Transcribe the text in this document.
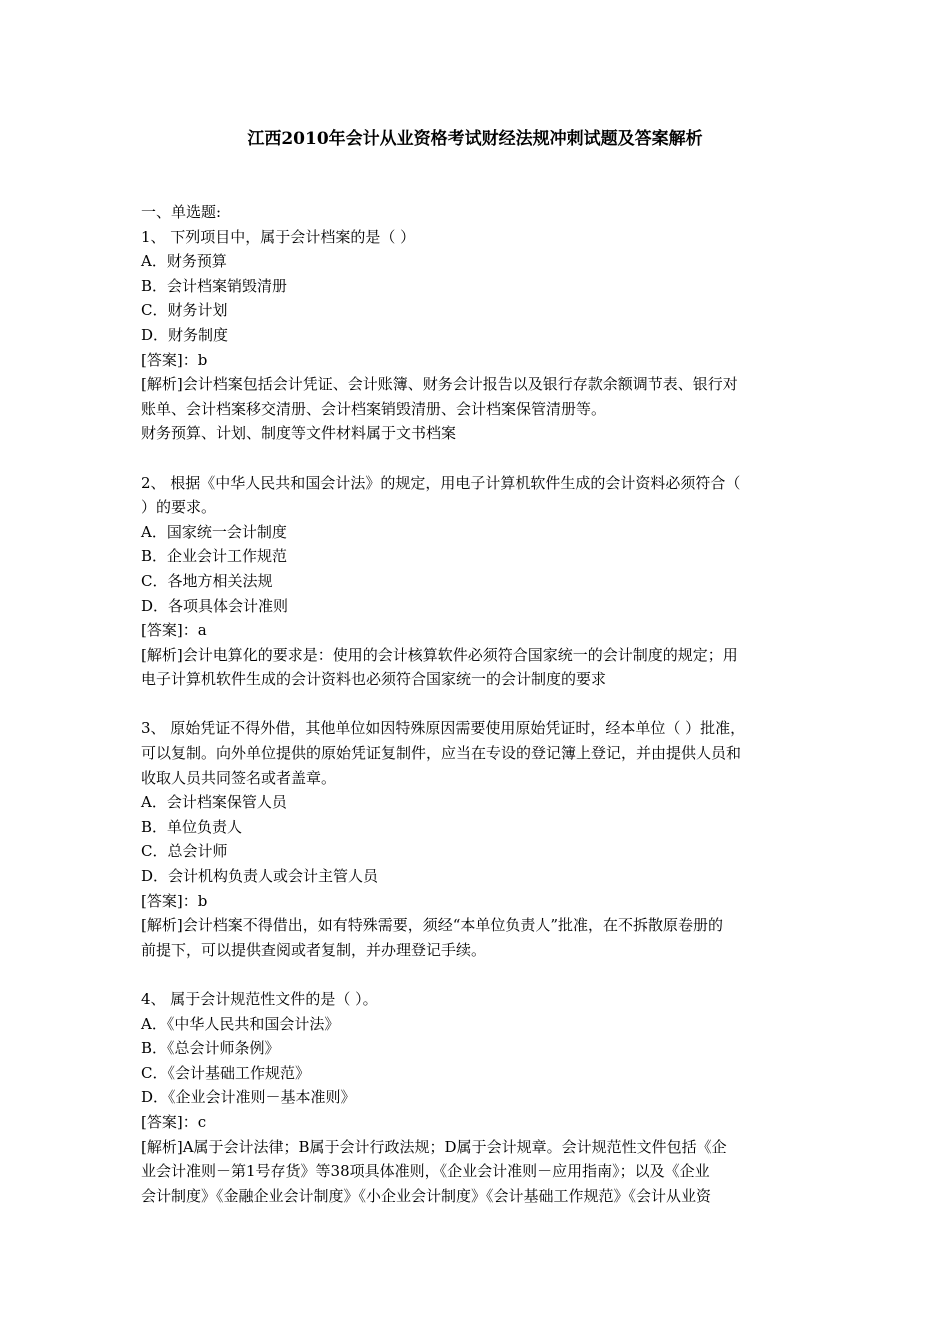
江西2010年会计从业资格考试财经法规冲刺试题及答案解析
一、单选题:
1、 下列项目中，属于会计档案的是（ ）
A．财务预算
B．会计档案销毁清册
C．财务计划
D．财务制度
[答案]：b
[解析]会计档案包括会计凭证、会计账簿、财务会计报告以及银行存款余额调节表、银行对
账单、会计档案移交清册、会计档案销毁清册、会计档案保管清册等。
财务预算、计划、制度等文件材料属于文书档案
2、 根据《中华人民共和国会计法》的规定，用电子计算机软件生成的会计资料必须符合（
）的要求。
A．国家统一会计制度
B．企业会计工作规范
C．各地方相关法规
D．各项具体会计准则
[答案]：a
[解析]会计电算化的要求是：使用的会计核算软件必须符合国家统一的会计制度的规定；用
电子计算机软件生成的会计资料也必须符合国家统一的会计制度的要求
3、 原始凭证不得外借，其他单位如因特殊原因需要使用原始凭证时，经本单位（ ）批准，
可以复制。向外单位提供的原始凭证复制件，应当在专设的登记簿上登记，并由提供人员和
收取人员共同签名或者盖章。
A．会计档案保管人员
B．单位负责人
C．总会计师
D．会计机构负责人或会计主管人员
[答案]：b
[解析]会计档案不得借出，如有特殊需要，须经“本单位负责人”批准，在不拆散原卷册的
前提下，可以提供查阅或者复制，并办理登记手续。
4、 属于会计规范性文件的是（ ）。
A．《中华人民共和国会计法》
B．《总会计师条例》
C．《会计基础工作规范》
D．《企业会计准则－基本准则》
[答案]：c
[解析]A属于会计法律；B属于会计行政法规；D属于会计规章。会计规范性文件包括《企
业会计准则－第1号存货》等38项具体准则，《企业会计准则－应用指南》；以及《企业
会计制度》《金融企业会计制度》《小企业会计制度》《会计基础工作规范》《会计从业资
